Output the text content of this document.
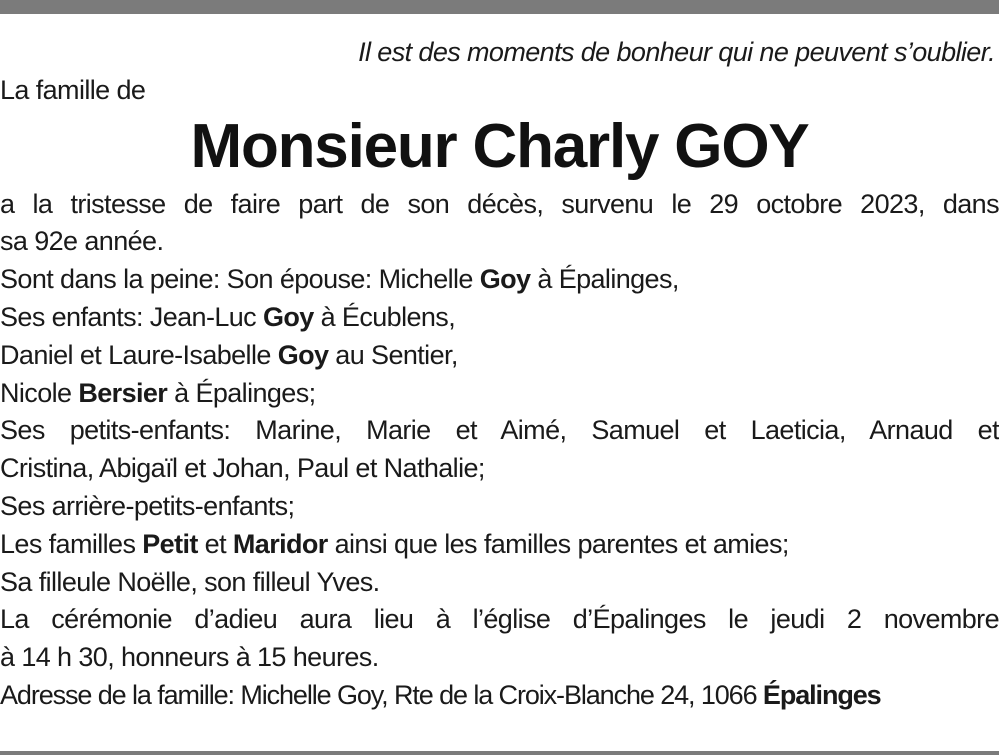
Il est des moments de bonheur qui ne peuvent s’oublier.
La famille de
Monsieur Charly GOY
a la tristesse de faire part de son décès, survenu le 29 octobre 2023, dans
sa 92e année.
Sont dans la peine: Son épouse: Michelle Goy à Épalinges,
Ses enfants: Jean-Luc Goy à Écublens,
Daniel et Laure-Isabelle Goy au Sentier,
Nicole Bersier à Épalinges;
Ses petits-enfants: Marine, Marie et Aimé, Samuel et Laeticia, Arnaud et
Cristina, Abigaïl et Johan, Paul et Nathalie;
Ses arrière-petits-enfants;
Les familles Petit et Maridor ainsi que les familles parentes et amies;
Sa filleule Noëlle, son filleul Yves.
La cérémonie d’adieu aura lieu à l’église d’Épalinges le jeudi 2 novembre
à 14 h 30, honneurs à 15 heures.
Adresse de la famille: Michelle Goy, Rte de la Croix-Blanche 24, 1066 Épalinges
